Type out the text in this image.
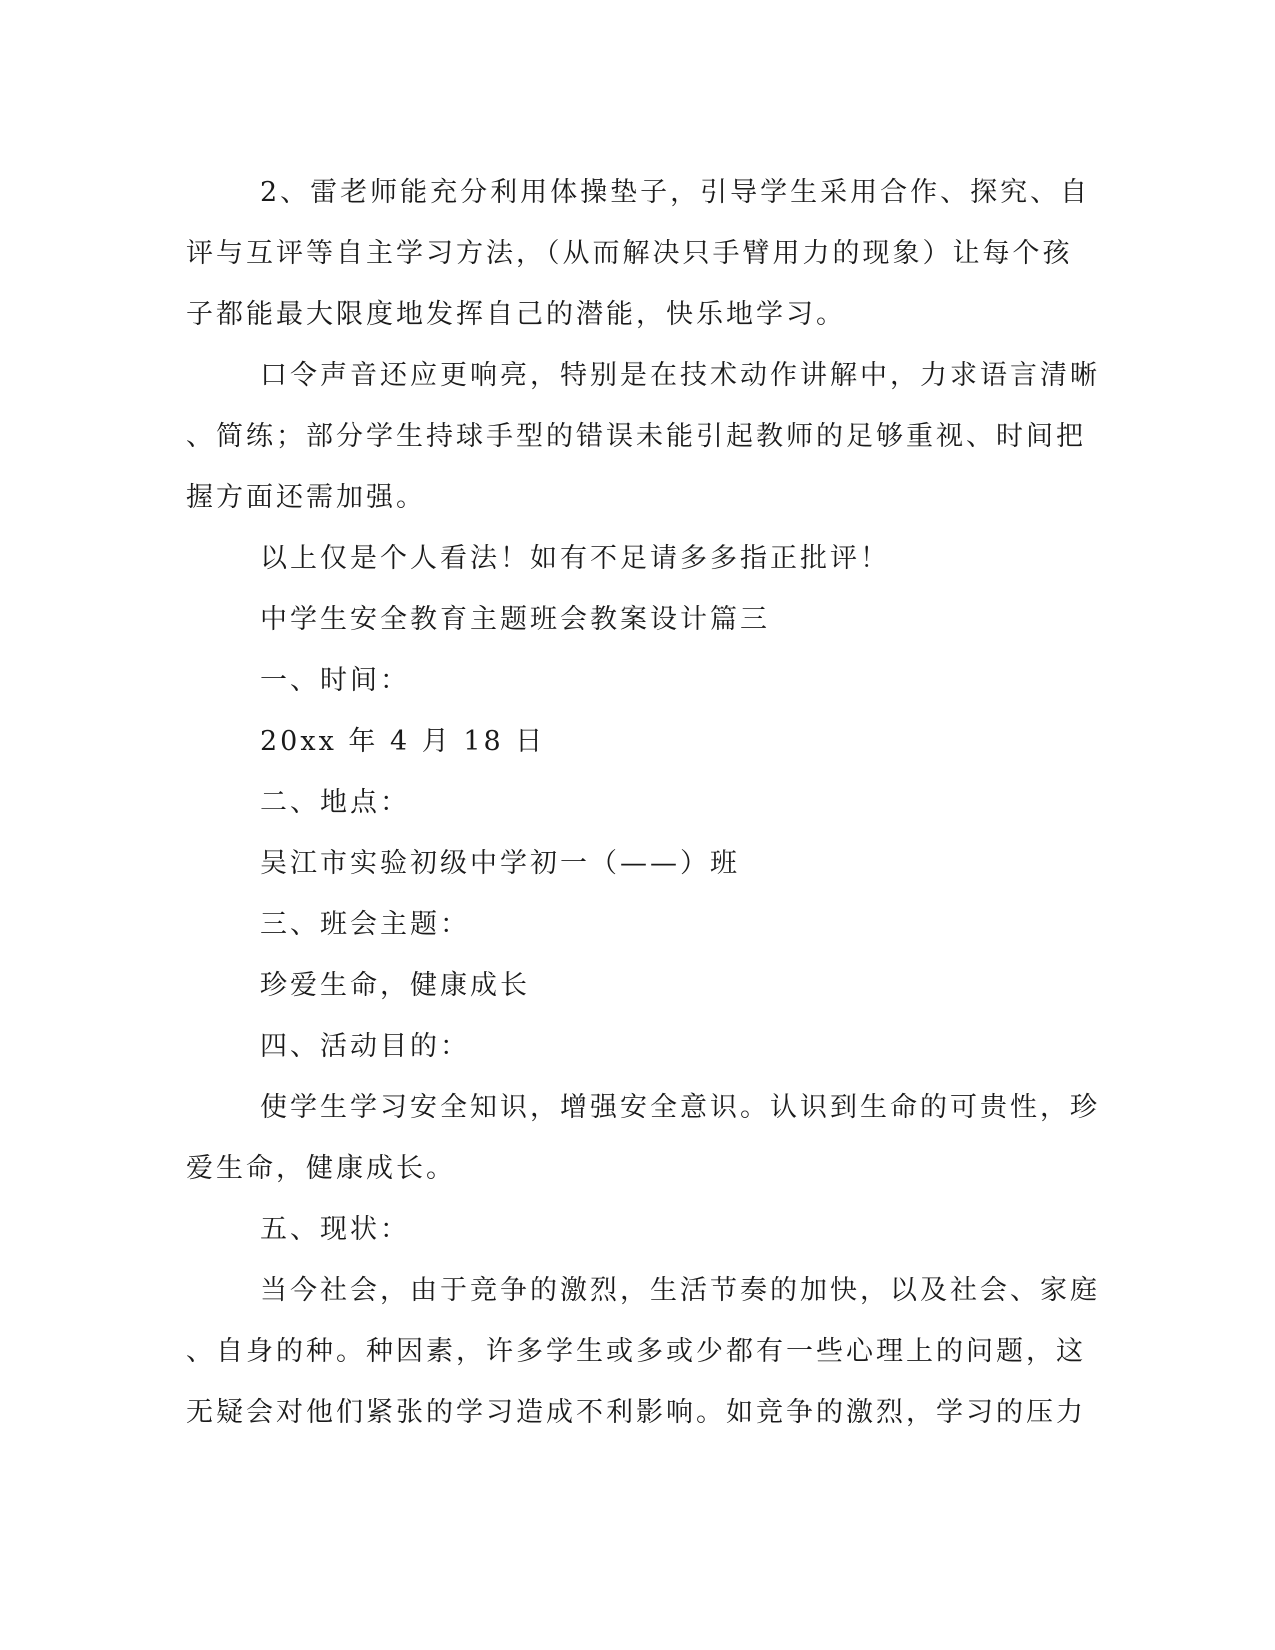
2、雷老师能充分利用体操垫子，引导学生采用合作、探究、自
评与互评等自主学习方法，（从而解决只手臂用力的现象）让每个孩
子都能最大限度地发挥自己的潜能，快乐地学习。

口令声音还应更响亮，特别是在技术动作讲解中，力求语言清晰
、简练；部分学生持球手型的错误未能引起教师的足够重视、时间把
握方面还需加强。

以上仅是个人看法！如有不足请多多指正批评！

中学生安全教育主题班会教案设计篇三

一、时间：

20xx 年 4 月 18 日

二、地点：

吴江市实验初级中学初一（——）班

三、班会主题：

珍爱生命，健康成长

四、活动目的：

使学生学习安全知识，增强安全意识。认识到生命的可贵性，珍
爱生命，健康成长。

五、现状：

当今社会，由于竞争的激烈，生活节奏的加快，以及社会、家庭
、自身的种。种因素，许多学生或多或少都有一些心理上的问题，这
无疑会对他们紧张的学习造成不利影响。如竞争的激烈，学习的压力
